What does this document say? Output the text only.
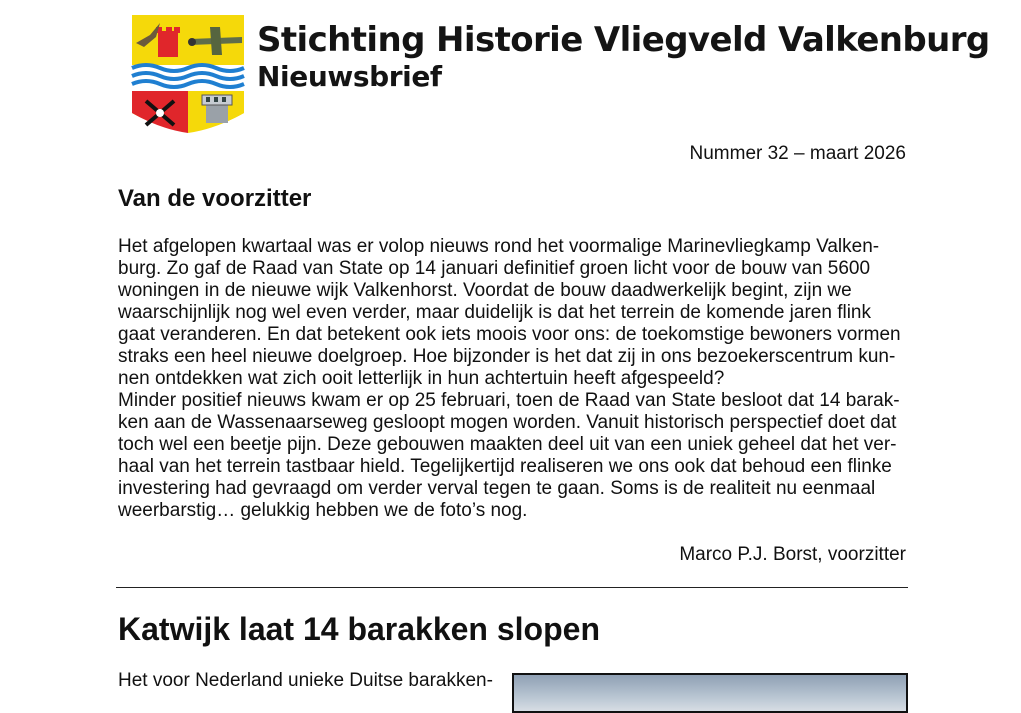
Stichting Historie Vliegveld Valkenburg
Nieuwsbrief
Nummer 32 – maart 2026
Van de voorzitter
Het afgelopen kwartaal was er volop nieuws rond het voormalige Marinevliegkamp Valken-
burg. Zo gaf de Raad van State op 14 januari definitief groen licht voor de bouw van 5600
woningen in de nieuwe wijk Valkenhorst. Voordat de bouw daadwerkelijk begint, zijn we
waarschijnlijk nog wel even verder, maar duidelijk is dat het terrein de komende jaren flink
gaat veranderen. En dat betekent ook iets moois voor ons: de toekomstige bewoners vormen
straks een heel nieuwe doelgroep. Hoe bijzonder is het dat zij in ons bezoekerscentrum kun-
nen ontdekken wat zich ooit letterlijk in hun achtertuin heeft afgespeeld?
Minder positief nieuws kwam er op 25 februari, toen de Raad van State besloot dat 14 barak-
ken aan de Wassenaarseweg gesloopt mogen worden. Vanuit historisch perspectief doet dat
toch wel een beetje pijn. Deze gebouwen maakten deel uit van een uniek geheel dat het ver-
haal van het terrein tastbaar hield. Tegelijkertijd realiseren we ons ook dat behoud een flinke
investering had gevraagd om verder verval tegen te gaan. Soms is de realiteit nu eenmaal
weerbarstig… gelukkig hebben we de foto’s nog.
Marco P.J. Borst, voorzitter
Katwijk laat 14 barakken slopen
Het voor Nederland unieke Duitse barakken-
